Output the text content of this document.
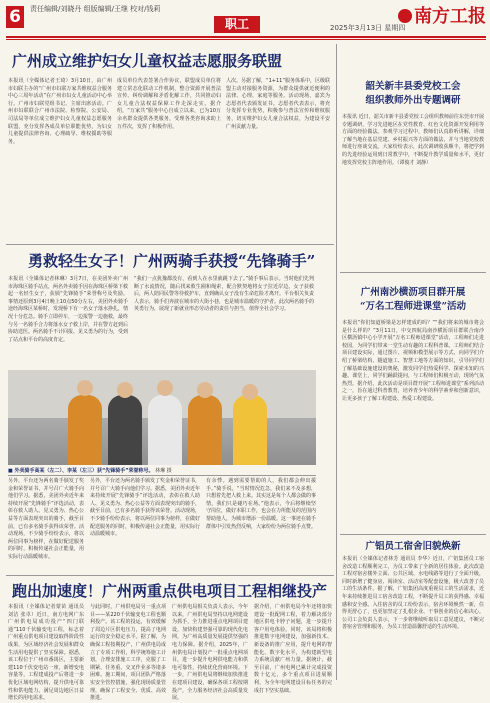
6	责任编辑/刘晓丹 组版编辑/王继 校对/钱莉
职工	2025年3月13日 星期四
南方工报
广州成立维护妇女儿童权益志愿服务联盟
本报讯（全媒体记者王琦）3月10日，由广州市妇联主办的“广州市妇联万家共维权益合服务中心三周年活动”在广州市妇女儿童活动中心举行。广州市妇联党组书记、主席出席活动。广州市妇联联合广州市法院、检察院、公安局、司法局等单位成立维护妇女儿童权益志愿服务联盟，充分发挥各成员单位职能优势，为妇女儿童提供法律咨询、心理疏导、维权援助等服务。
成员单位代表签署合作协议，联盟成员单位将建立常态化联动工作机制，整合资源开展普法宣传、纠纷调解和矛盾化解工作，共同推动妇女儿童合法权益保障工作走深走实。据介绍，“万家共”服务中心自成立以来，已为10万余名群众提供各类服务，受理各类咨询求助上万件次，发挥了积极作用。
人次。另据了解，“1+11”服务体系中，区级联盟主动对接服务资源，为群众提供就近便利的法律、心理、家庭等服务。活动现场，嘉宾为志愿者代表颁发证书。志愿者代表表示，将充分发挥专业优势，积极参与普法宣传和维权服务，切实维护妇女儿童合法权益，为建设平安广州贡献力量。
韶关新丰县委党校工会
组织教师外出专题调研
本报讯 近日，韶关市新丰县委党校工会组织教师前往东莞市开展专题调研，学习先进地区在党性教育、红色文化资源开发利用等方面的经验做法。参观学习过程中，教师们认真聆听讲解，详细了解当地在基层党建、乡村振兴等方面的做法，并与当地党校教师进行座谈交流。大家纷纷表示，此次调研收获颇丰，将把学到的先进经验运用到日常教学中，不断提升教学质量和水平，更好地发挥党校主阵地作用。（谭俊才 刘静）
勇救轻生女子！广州两骑手获授“先锋骑手”
本报讯（全媒体记者林琳）3月7日，在美团外卖广州市海珠区骑手站点，两名外卖骑手因在海珠区桥梁下救起一名轻生女子，获颁“先锋骑手”荣誉称号及奖励。事情还原到3月4日晚上10点50分左右，美团外卖骑手途经海珠区某桥时，发现桥下有一名女子落水挣扎，情况十分危急。骑手立即停车，一边报警一边施救，最终与另一名骑手合力将落水女子救上岸，并在警方赶到后协助送医。两名骑手不计回报、见义勇为的行为，受到了站点和平台的高度肯定。
“我们一点犹豫都没有，看到人在水里就跳下去了。”骑手事后表示。当时他们先判断了水流情况，随后找来救生圈和绳索，配合默契地将女子拉近岸边。女子获救后，两人陪同民警等待救护车，直到确认女子没有生命危险才离开。平台相关负责人表示，骑手们奔波在城市的大街小巷，也是城市温暖的守护者。此次两名骑手的英勇行为，展现了新就业形态劳动者的责任与担当，值得全社会学习。
■ 外卖骑手高某（左二）、李某（左三）获“先锋骑手”荣誉称号。 林琳 摄
另外，平台还为两名骑手颁发了奖金和荣誉证书，并号召广大骑手向他们学习。据悉，美团外卖近年来持续开展“先锋骑手”评选活动，表彰在救人助人、见义勇为、热心公益等方面表现突出的骑手，截至目前，已有多名骑手获得该荣誉。活动现场，不少骑手纷纷表示，将以两位同事为榜样，在做好配送服务的同时，积极传递社会正能量，用实际行动温暖城市。
另外，平台还为两名骑手颁发了奖金和荣誉证书，并号召广大骑手向他们学习。据悉，美团外卖近年来持续开展“先锋骑手”评选活动，表彰在救人助人、见义勇为、热心公益等方面表现突出的骑手，截至目前，已有多名骑手获得该荣誉。活动现场，不少骑手纷纷表示，将以两位同事为榜样，在做好配送服务的同时，积极传递社会正能量，用实际行动温暖城市。
有余悸。遇到需要帮助的人，我们都会伸出援手。”骑手说，“当时情况危急，我们来不及多想，只想着先把人救上来。其实这是每个人都会做的事情，我们只是碰巧在场。”他表示，今后将继续坚守岗位，做好本职工作，也会在力所能及的范围内帮助他人，为城市增添一份温暖。这一事迹在骑手群体中引发热烈反响，大家纷纷为两位骑手点赞。
广州南沙横沥项目群开展
“万名工程师进课堂”活动
本报讯“你们知道桥梁是怎样建成的吗？”“我们将来的城市将会是什么样的？”3月11日，中交四航局南沙横沥项目群联合南沙区横沥镇中心小学开展“万名工程师进课堂”活动，工程师们走进校园，为同学们带来一堂生动有趣的工程科普课。工程师们结合项目建设实际，通过图片、视频和模型展示等方式，向同学们介绍了桥梁结构、隧道施工、智慧工地等方面的知识，引导同学们了解基础设施建设的奥秘，激发同学们热爱科学、探索未知的兴趣。课堂上，同学们踊跃提问，与工程师们积极互动，现场气氛热烈。据介绍，此次活动是项目群开展“工程师进课堂”系列活动之一，旨在通过科普教育，培养青少年的科学素养和创新意识，让更多孩子了解工程建设、热爱工程建设。
广铝员工宿舍旧貌焕新
本报讯（全媒体记者林芳 通讯员 李华）近日，广铝集团员工宿舍改造工程顺利完工，为员工带来了全新的居住体验。此次改造工程对宿舍楼外立面、公共区域、水电线路等进行了全面升级，同时新增了健身房、阅读室、活动室等配套设施，极大改善了员工的生活条件。据了解，广铝集团高度重视员工的生活需求，近年来持续推进员工宿舍改造工程，不断提升员工的获得感、幸福感和安全感。入住宿舍的员工纷纷表示，宿舍环境焕然一新，住得更舒心了，也更加坚定了扎根企业、干事创业的信心和决心。公司工会负责人表示，下一步将继续听取员工意见建议，不断完善宿舍管理和服务，为员工营造温馨舒适的生活环境。
跑出加速度！广州两重点供电项目工程相继投产
本报讯（全媒体记者蒙苗 通讯员 刘洁 张卓）近日，南方电网广东广州供电局成功投产“四门联通”110千伏输变电工程，标志着广州重点供电项目建设取得阶段性成果，为区域经济社会发展和群众生活用电提供了坚实保障。据悉，该工程位于广州市番禺区，主要新建110千伏变电站一座，新增变电容量等，工程建成投产后将进一步优化区域电网结构，提升供电可靠性和供电能力，满足周边地区日益增长的用电需求。
与此同时，广州供电局另一重点项目——某220千伏输变电工程也顺利投产。该工程的投运，有效缓解了周边片区供电压力，提高了电网运行的安全稳定水平。据了解，为确保工程按期投产，广州供电局成立了专项工作组，科学统筹施工计划，合理安排施工工序，克服了工期紧、任务重、交叉作业多等诸多困难。施工期间，项目团队严格落实安全管控措施，强化现场质量管理，确保了工程安全、优质、高效推进。
广州供电局相关负责人表示，今年以来，广州供电局坚持以电网建设为抓手，全力推进重点电网项目建设，加快构建坚强可靠的现代化电网，为广州高质量发展提供坚强的电力保障。据介绍，2025年，广州供电局计划投产一批重点电网项目，进一步提升电网供电能力和供电可靠性，持续优化营商环境。下一步，广州供电局将继续加快推进在建项目建设，确保各项工程按期投产，全力服务经济社会高质量发展。
据介绍，广州供电局今年还将加快建设一批配网工程，着力解决部分地区供电卡脖子问题，进一步提升客户用电体验。同时，该局将积极推进数字电网建设，加强新技术、新设备的推广应用，提升电网的智能化、数字化水平，为构建新型电力系统贡献广州力量。据统计，截至目前，广州电网已累计完成投资数十亿元，多个重点项目进展顺利，为全年电网建设目标任务的完成打下坚实基础。
